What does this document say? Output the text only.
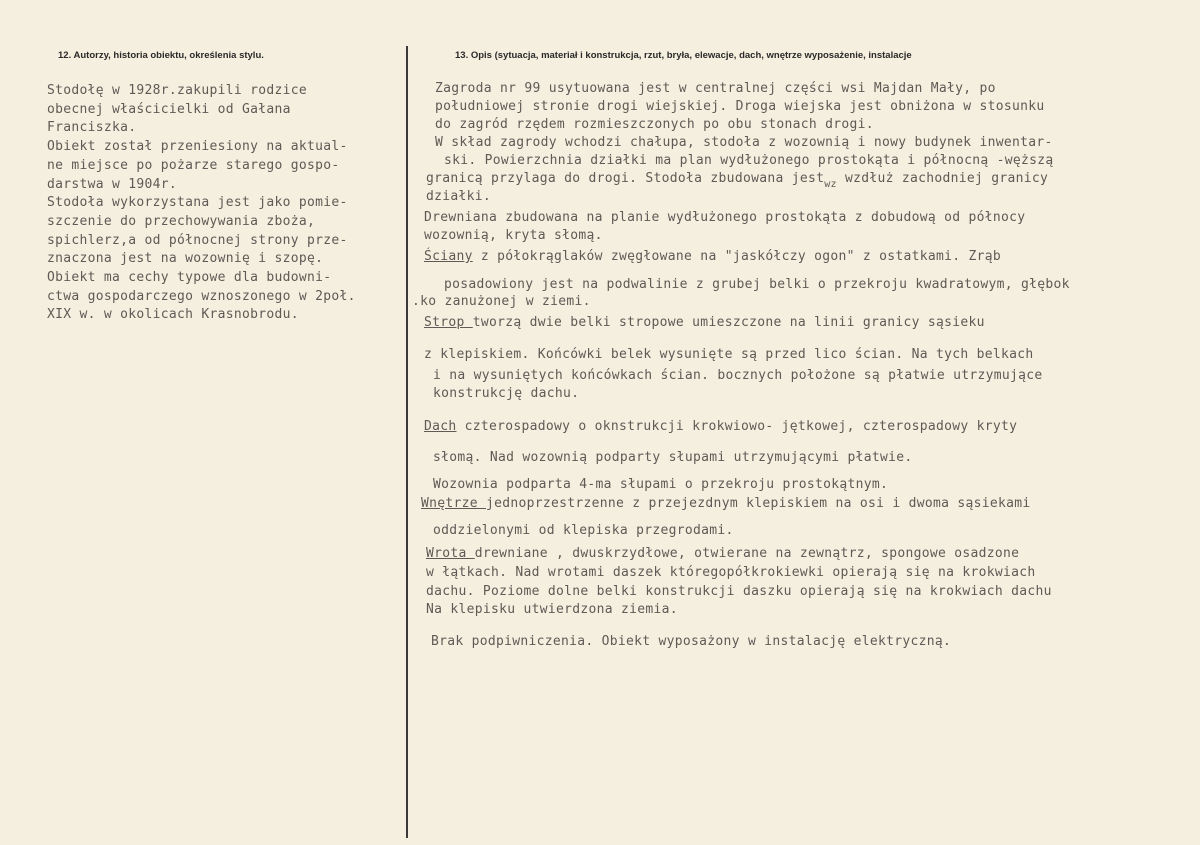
12. Autorzy, historia obiektu, określenia stylu.	13. Opis (sytuacja, materiał i konstrukcja, rzut, bryła, elewacje, dach, wnętrze wyposażenie, instalacje
Stodołę w 1928r.zakupili rodzice
obecnej właścicielki od Gałana
Franciszka.
Obiekt został przeniesiony na aktual-
ne miejsce po pożarze starego gospo-
darstwa w 1904r.
Stodoła wykorzystana jest jako pomie-
szczenie do przechowywania zboża,
spichlerz,a od północnej strony prze-
znaczona jest na wozownię i szopę.
Obiekt ma cechy typowe dla budowni-
ctwa gospodarczego wznoszonego w 2poł.
XIX w. w okolicach Krasnobrodu.
Zagroda nr 99 usytuowana jest w centralnej części wsi Majdan Mały, po
południowej stronie drogi wiejskiej. Droga wiejska jest obniżona w stosunku
do zagród rzędem rozmieszczonych po obu stonach drogi.
W skład zagrody wchodzi chałupa, stodoła z wozownią i nowy budynek inwentar-
ski. Powierzchnia działki ma plan wydłużonego prostokąta i północną -węższą
granicą przylaga do drogi. Stodoła zbudowana jest$_{wz}$ wzdłuż zachodniej granicy
działki.
Drewniana zbudowana na planie wydłużonego prostokąta z dobudową od północy
wozownią, kryta słomą.
Ściany z półokrąglaków zwęgłowane na "jaskółczy ogon" z ostatkami. Zrąb
posadowiony jest na podwalinie z grubej belki o przekroju kwadratowym, głębok
.ko zanużonej w ziemi.
Strop tworzą dwie belki stropowe umieszczone na linii granicy sąsieku
z klepiskiem. Końcówki belek wysunięte są przed lico ścian. Na tych belkach
i na wysuniętych końcówkach ścian. bocznych położone są płatwie utrzymujące
konstrukcję dachu.
Dach czterospadowy o oknstrukcji krokwiowo- jętkowej, czterospadowy kryty
słomą. Nad wozownią podparty słupami utrzymującymi płatwie.
Wozownia podparta 4-ma słupami o przekroju prostokątnym.
Wnętrze jednoprzestrzenne z przejezdnym klepiskiem na osi i dwoma sąsiekami
oddzielonymi od klepiska przegrodami.
Wrota drewniane , dwuskrzydłowe, otwierane na zewnątrz, spongowe osadzone
w łątkach. Nad wrotami daszek któregopółkrokiewki opierają się na krokwiach
dachu. Poziome dolne belki konstrukcji daszku opierają się na krokwiach dachu
Na klepisku utwierdzona ziemia.
Brak podpiwniczenia. Obiekt wyposażony w instalację elektryczną.
